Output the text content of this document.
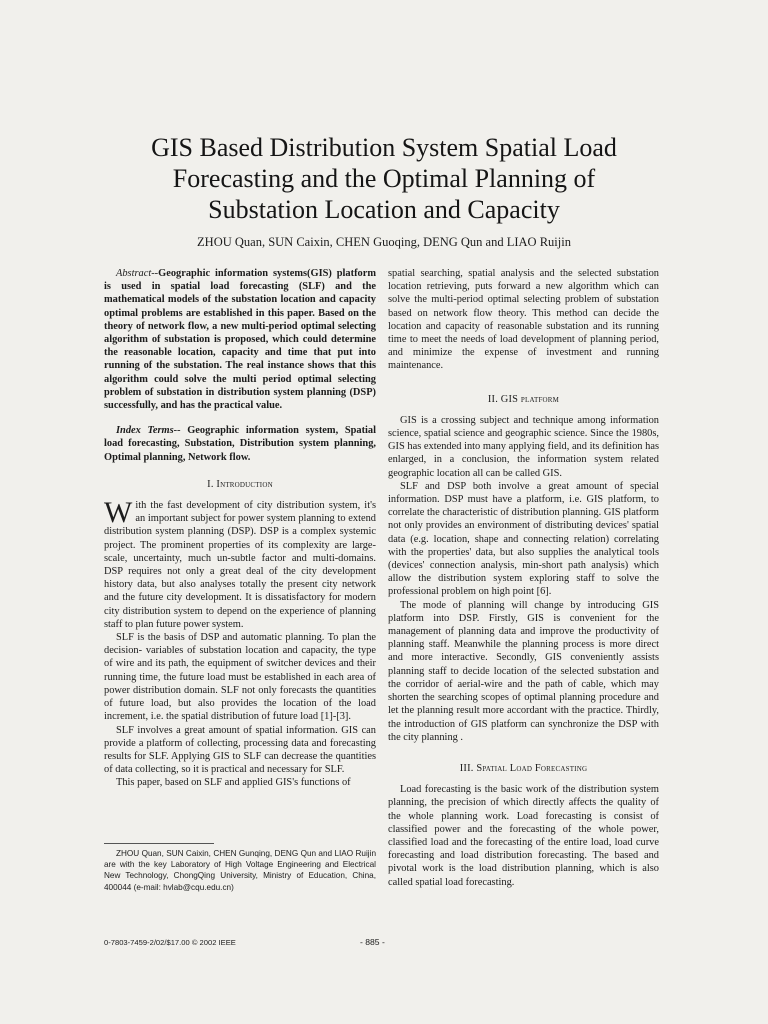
GIS Based Distribution System Spatial Load
Forecasting and the Optimal Planning of
Substation Location and Capacity
ZHOU Quan, SUN Caixin, CHEN Guoqing, DENG Qun and LIAO Ruijin

Abstract--Geographic information systems(GIS) platform is used in spatial load forecasting (SLF) and the mathematical models of the substation location and capacity optimal problems are established in this paper. Based on the theory of network flow, a new multi-period optimal selecting algorithm of substation is proposed, which could determine the reasonable location, capacity and time that put into running of the substation. The real instance shows that this algorithm could solve the multi period optimal selecting problem of substation in distribution system planning (DSP) successfully, and has the practical value.

Index Terms-- Geographic information system, Spatial load forecasting, Substation, Distribution system planning, Optimal planning, Network flow.

I. Introduction
W ith the fast development of city distribution system, it's an important subject for power system planning to extend distribution system planning (DSP). DSP is a complex systemic project. The prominent properties of its complexity are large-scale, uncertainty, much un-subtle factor and multi-domains. DSP requires not only a great deal of the city development history data, but also analyses totally the present city network and the future city development. It is dissatisfactory for modern city distribution system to depend on the experience of planning staff to plan future power system.

SLF is the basis of DSP and automatic planning. To plan the decision- variables of substation location and capacity, the type of wire and its path, the equipment of switcher devices and their running time, the future load must be established in each area of power distribution domain. SLF not only forecasts the quantities of future load, but also provides the location of the load increment, i.e. the spatial distribution of future load [1]-[3].

SLF involves a great amount of spatial information. GIS can provide a platform of collecting, processing data and forecasting results for SLF. Applying GIS to SLF can decrease the quantities of data collecting, so it is practical and necessary for SLF.

This paper, based on SLF and applied GIS's functions of

spatial searching, spatial analysis and the selected substation location retrieving, puts forward a new algorithm which can solve the multi-period optimal selecting problem of substation based on network flow theory. This method can decide the location and capacity of reasonable substation and its running time to meet the needs of load development of planning period, and minimize the expense of investment and running maintenance.

II. GIS platform

GIS is a crossing subject and technique among information science, spatial science and geographic science. Since the 1980s, GIS has extended into many applying field, and its definition has enlarged, in a conclusion, the information system related geographic location all can be called GIS.

SLF and DSP both involve a great amount of special information. DSP must have a platform, i.e. GIS platform, to correlate the characteristic of distribution planning. GIS platform not only provides an environment of distributing devices' spatial data (e.g. location, shape and connecting relation) correlating with the properties' data, but also supplies the analytical tools (devices' connection analysis, min-short path analysis) which allow the distribution system exploring staff to solve the professional problem on high point [6].

The mode of planning will change by introducing GIS platform into DSP. Firstly, GIS is convenient for the management of planning data and improve the productivity of planning staff. Meanwhile the planning process is more direct and more interactive. Secondly, GIS conveniently assists planning staff to decide location of the selected substation and the corridor of aerial-wire and the path of cable, which may shorten the searching scopes of optimal planning procedure and let the planning result more accordant with the practice. Thirdly, the introduction of GIS platform can synchronize the DSP with the city planning .

III. Spatial Load Forecasting

Load forecasting is the basic work of the distribution system planning, the precision of which directly affects the quality of the whole planning work. Load forecasting is consist of classified power and the forecasting of the whole power, classified load and the forecasting of the entire load, load curve forecasting and load distribution forecasting. The based and pivotal work is the load distribution planning, which is also called spatial load forecasting.

ZHOU Quan, SUN Caixin, CHEN Gunqing, DENG Qun and LIAO Ruijin are with the key Laboratory of High Voltage Engineering and Electrical New Technology, ChongQing University, Ministry of Education, China, 400044 (e-mail: hvlab@cqu.edu.cn)

0-7803-7459-2/02/$17.00 © 2002 IEEE	- 885 -
